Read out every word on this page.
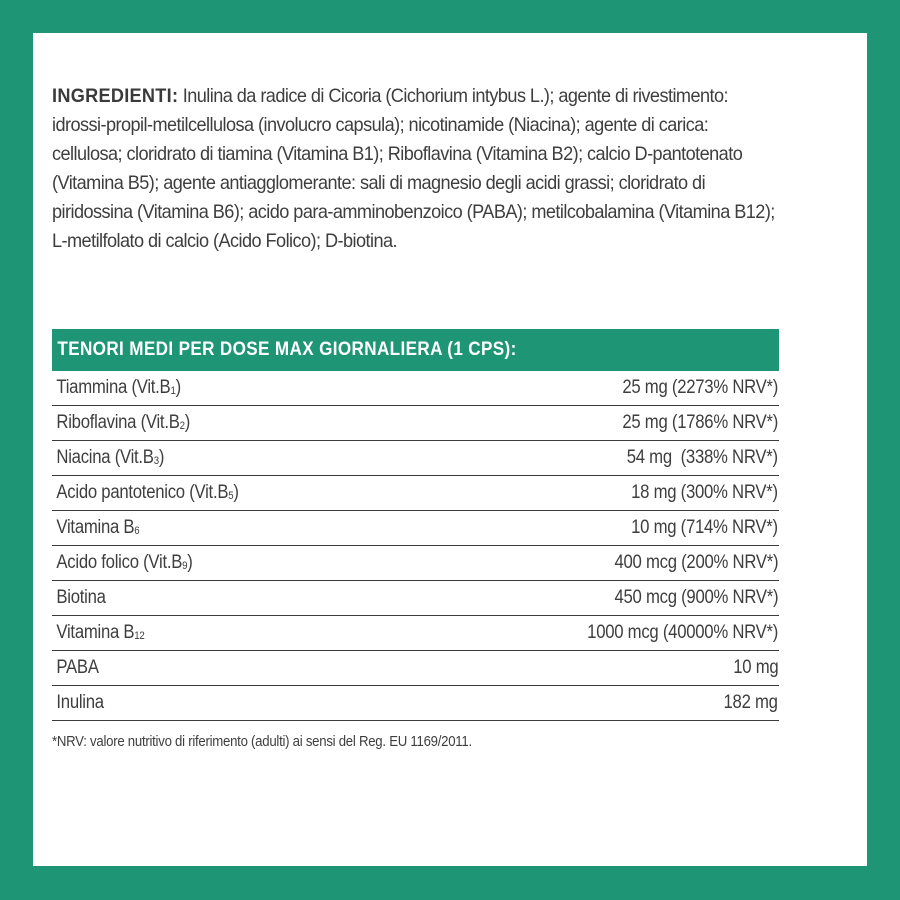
INGREDIENTI: Inulina da radice di Cicoria (Cichorium intybus L.); agente di rivestimento: idrossi-propil-metilcellulosa (involucro capsula); nicotinamide (Niacina); agente di carica: cellulosa; cloridrato di tiamina (Vitamina B1); Riboflavina (Vitamina B2); calcio D-pantotenato (Vitamina B5); agente antiagglomerante: sali di magnesio degli acidi grassi; cloridrato di piridossina (Vitamina B6); acido para-amminobenzoico (PABA); metilcobalamina (Vitamina B12); L-metilfolato di calcio (Acido Folico); D-biotina.
TENORI MEDI PER DOSE MAX GIORNALIERA (1 CPS):
Tiammina $(Vit.B_1)$	25 mg (2273% NRV*)
Riboflavina $(Vit.B_2)$	25 mg (1786% NRV*)
Niacina $(Vit.B_3)$	54 mg  (338% NRV*)
Acido pantotenico $(Vit.B_5)$	18 mg (300% NRV*)
Vitamina $B_6$	10 mg (714% NRV*)
Acido folico $(Vit.B_9)$	400 mcg (200% NRV*)
Biotina	450 mcg (900% NRV*)
Vitamina $B_{12}$	1000 mcg (40000% NRV*)
PABA	10 mg
Inulina	182 mg
*NRV: valore nutritivo di riferimento (adulti) ai sensi del Reg. EU 1169/2011.
